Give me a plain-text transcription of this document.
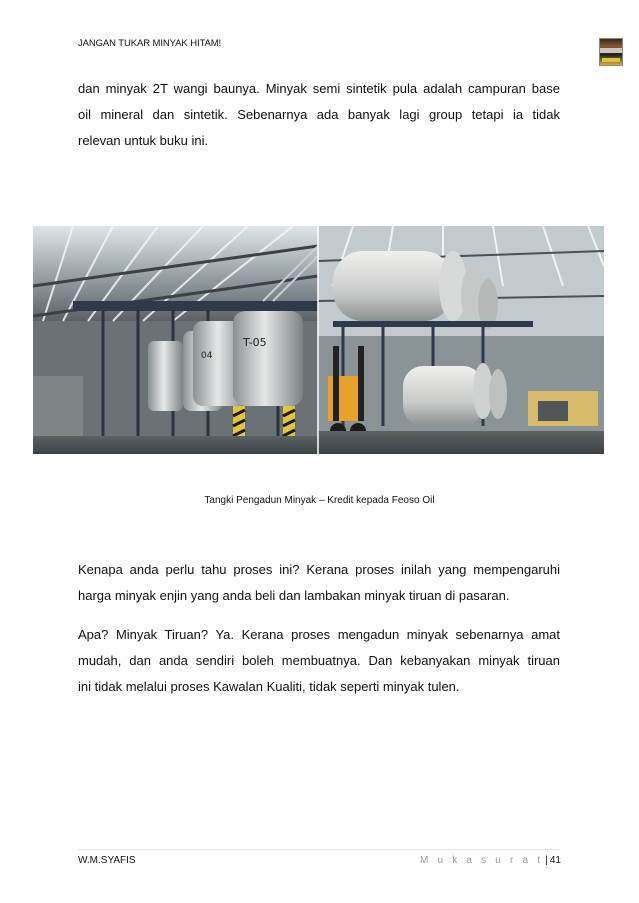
JANGAN TUKAR MINYAK HITAM!
dan minyak 2T wangi baunya. Minyak semi sintetik pula adalah campuran base
oil mineral dan sintetik. Sebenarnya ada banyak lagi group tetapi ia tidak
relevan untuk buku ini.
04
T-05
Tangki Pengadun Minyak – Kredit kepada Feoso Oil
Kenapa anda perlu tahu proses ini? Kerana proses inilah yang mempengaruhi
harga minyak enjin yang anda beli dan lambakan minyak tiruan di pasaran.
Apa? Minyak Tiruan? Ya. Kerana proses mengadun minyak sebenarnya amat
mudah, dan anda sendiri boleh membuatnya. Dan kebanyakan minyak tiruan
ini tidak melalui proses Kawalan Kualiti, tidak seperti minyak tulen.
W.M.SYAFIS	M u k a s u r a t | 41
